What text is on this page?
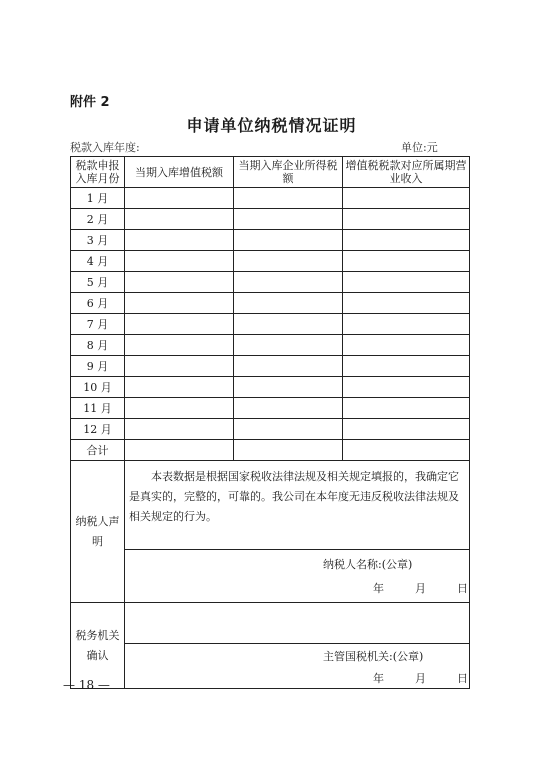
附件 2
申请单位纳税情况证明
税款入库年度:	单位:元
税款申报入库月份	当期入库增值税额	当期入库企业所得税额	增值税税款对应所属期营业收入
1 月			
2 月			
3 月			
4 月			
5 月			
6 月			
7 月			
8 月			
9 月			
10 月			
11 月			
12 月			
合计			
纳税人声明	本表数据是根据国家税收法律法规及相关规定填报的，我确定它是真实的，完整的，可靠的。我公司在本年度无违反税收法律法规及相关规定的行为。		

	纳税人名称:(公章)
年 月 日		

税务机关确认			

	主管国税机关:(公章)
年 月 日		
— 18 —
